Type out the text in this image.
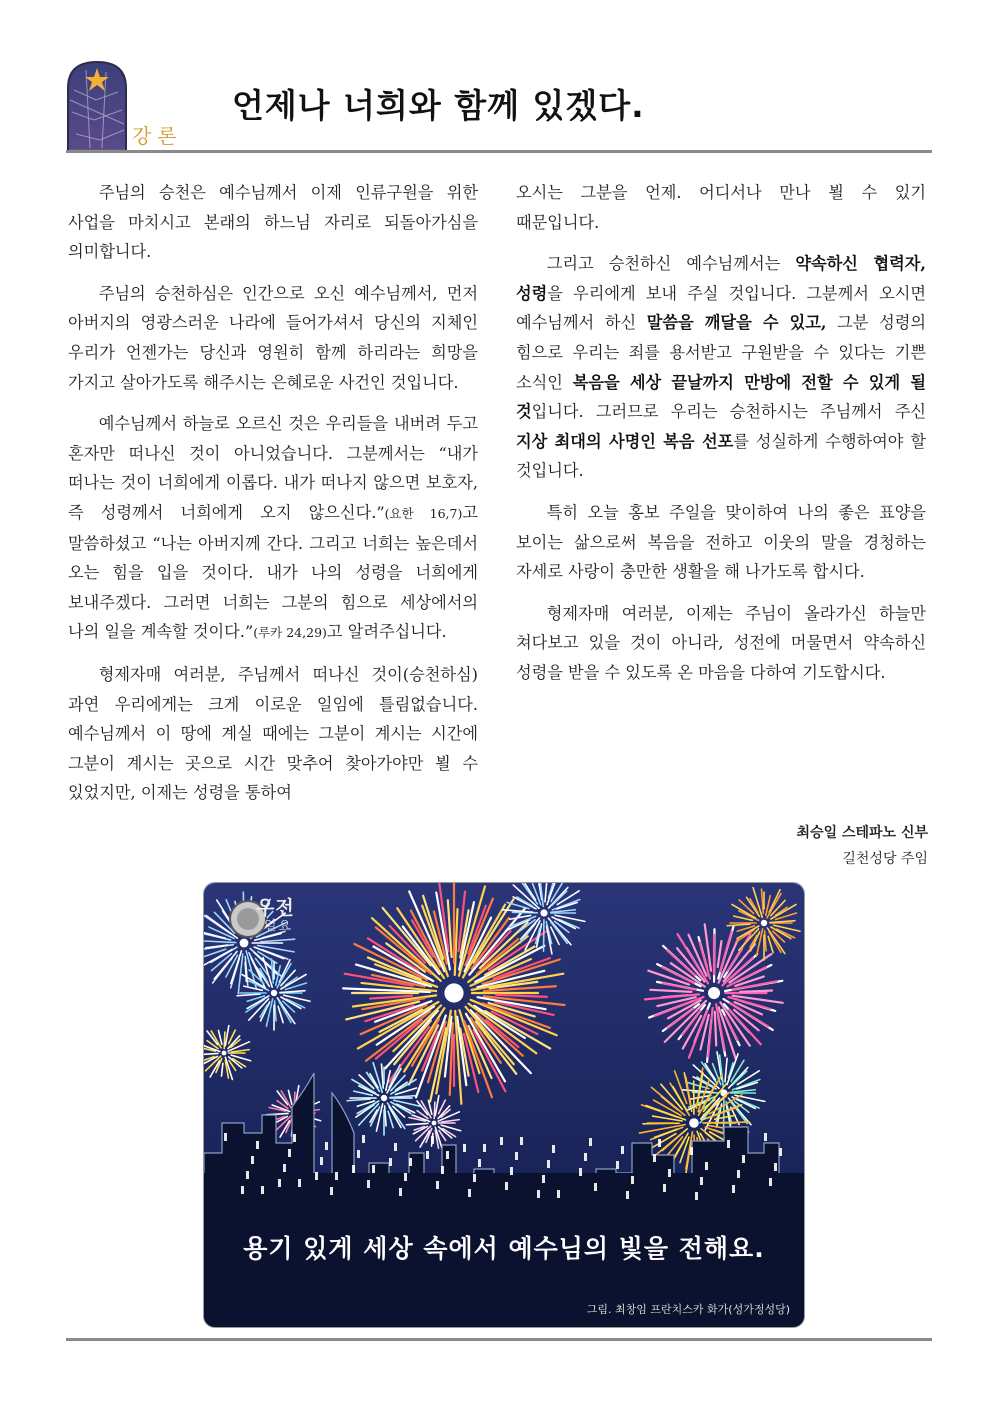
강론
언제나 너희와 함께 있겠다.

주님의 승천은 예수님께서 이제 인류구원을 위한 사업을 마치시고 본래의 하느님 자리로 되돌아가심을 의미합니다.

주님의 승천하심은 인간으로 오신 예수님께서, 먼저 아버지의 영광스러운 나라에 들어가셔서 당신의 지체인 우리가 언젠가는 당신과 영원히 함께 하리라는 희망을 가지고 살아가도록 해주시는 은혜로운 사건인 것입니다.

예수님께서 하늘로 오르신 것은 우리들을 내버려 두고 혼자만 떠나신 것이 아니었습니다. 그분께서는 “내가 떠나는 것이 너희에게 이롭다. 내가 떠나지 않으면 보호자, 즉 성령께서 너희에게 오지 않으신다.”(요한 16,7)고 말씀하셨고 “나는 아버지께 간다. 그리고 너희는 높은데서 오는 힘을 입을 것이다. 내가 나의 성령을 너희에게 보내주겠다. 그러면 너희는 그분의 힘으로 세상에서의 나의 일을 계속할 것이다.”(루카 24,29)고 알려주십니다.

형제자매 여러분, 주님께서 떠나신 것이(승천하심) 과연 우리에게는 크게 이로운 일임에 틀림없습니다. 예수님께서 이 땅에 계실 때에는 그분이 계시는 시간에 그분이 계시는 곳으로 시간 맞추어 찾아가야만 뵐 수 있었지만, 이제는 성령을 통하여

오시는 그분을 언제. 어디서나 만나 뵐 수 있기 때문입니다.

그리고 승천하신 예수님께서는 약속하신 협력자, 성령을 우리에게 보내 주실 것입니다. 그분께서 오시면 예수님께서 하신 말씀을 깨달을 수 있고, 그분 성령의 힘으로 우리는 죄를 용서받고 구원받을 수 있다는 기쁜 소식인 복음을 세상 끝날까지 만방에 전할 수 있게 될 것입니다. 그러므로 우리는 승천하시는 주님께서 주신 지상 최대의 사명인 복음 선포를 성실하게 수행하여야 할 것입니다.

특히 오늘 홍보 주일을 맞이하여 나의 좋은 표양을 보이는 삶으로써 복음을 전하고 이웃의 말을 경청하는 자세로 사랑이 충만한 생활을 해 나가도록 합시다.

형제자매 여러분, 이제는 주님이 올라가신 하늘만 쳐다보고 있을 것이 아니라, 성전에 머물면서 약속하신 성령을 받을 수 있도록 온 마음을 다하여 기도합시다.

최승일 스테파노 신부
길천성당 주임
우전
일요
용기 있게 세상 속에서 예수님의 빛을 전해요.
그림. 최창임 프란치스카 화가(성가정성당)
